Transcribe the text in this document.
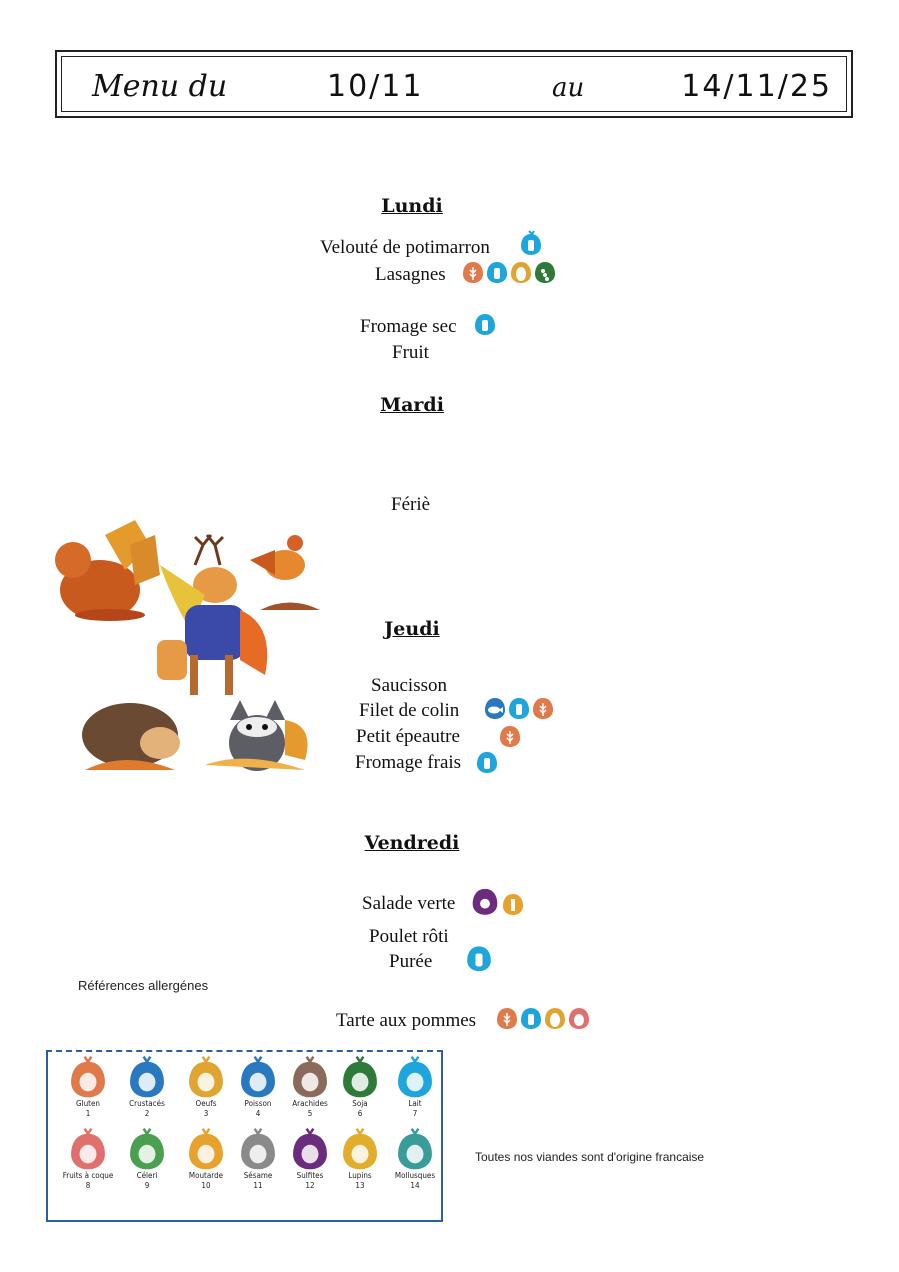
Menu du	10/11	au	14/11/25
Lundi
Velouté de potimarron
Lasagnes
Fromage sec
Fruit
Mardi
Fériè
Jeudi
Saucisson
Filet de colin
Petit épeautre
Fromage frais
Vendredi
Salade verte
Poulet rôti
Purée
Tarte aux pommes
Références allergénes
Gluten
1
Crustacés
2
Oeufs
3
Poisson
4
Arachides
5
Soja
6
Lait
7
Fruits à coque
8
Céleri
9
Moutarde
10
Sésame
11
Sulfites
12
Lupins
13
Mollusques
14
Toutes nos viandes sont d'origine francaise
